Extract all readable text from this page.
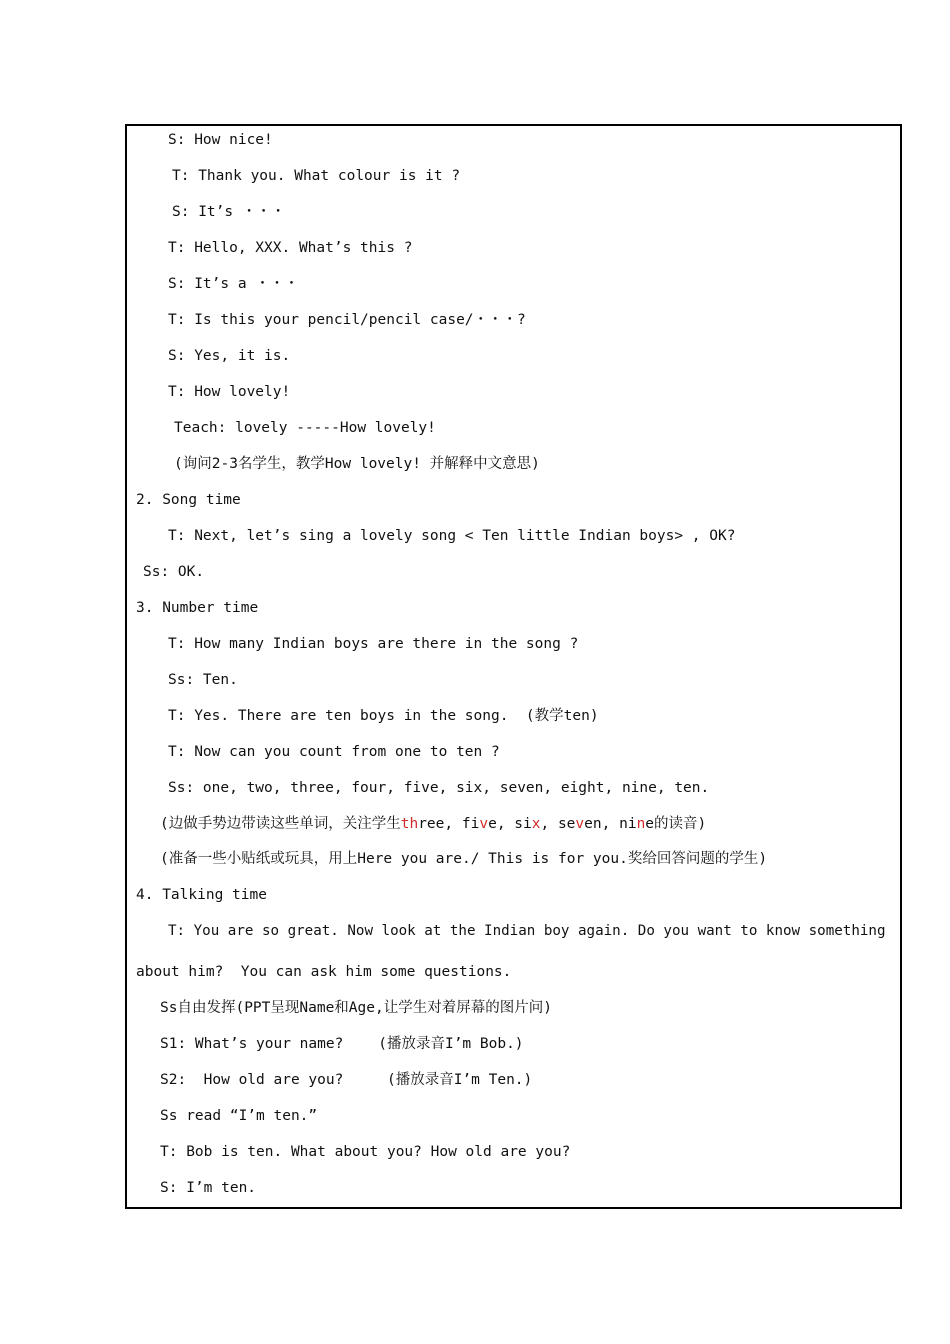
S: How nice!
T: Thank you. What colour is it ?
S: It’s ・・・
T: Hello, XXX. What’s this ?
S: It’s a ・・・
T: Is this your pencil/pencil case/・・・?
S: Yes, it is.
T: How lovely!
Teach: lovely -----How lovely!
(询问2-3名学生，教学How lovely! 并解释中文意思)
2. Song time
T: Next, let’s sing a lovely song < Ten little Indian boys> , OK?
Ss: OK.
3. Number time
T: How many Indian boys are there in the song ?
Ss: Ten.
T: Yes. There are ten boys in the song.  (教学ten)
T: Now can you count from one to ten ?
Ss: one, two, three, four, five, six, seven, eight, nine, ten.
(边做手势边带读这些单词，关注学生three, five, six, seven, nine的读音)
(准备一些小贴纸或玩具，用上Here you are./ This is for you.奖给回答问题的学生)
4. Talking time
T: You are so great. Now look at the Indian boy again. Do you want to know something
about him?  You can ask him some questions.
Ss自由发挥(PPT呈现Name和Age,让学生对着屏幕的图片问)
S1: What’s your name?    (播放录音I’m Bob.)
S2:  How old are you?     (播放录音I’m Ten.)
Ss read “I’m ten.”
T: Bob is ten. What about you? How old are you?
S: I’m ten.
